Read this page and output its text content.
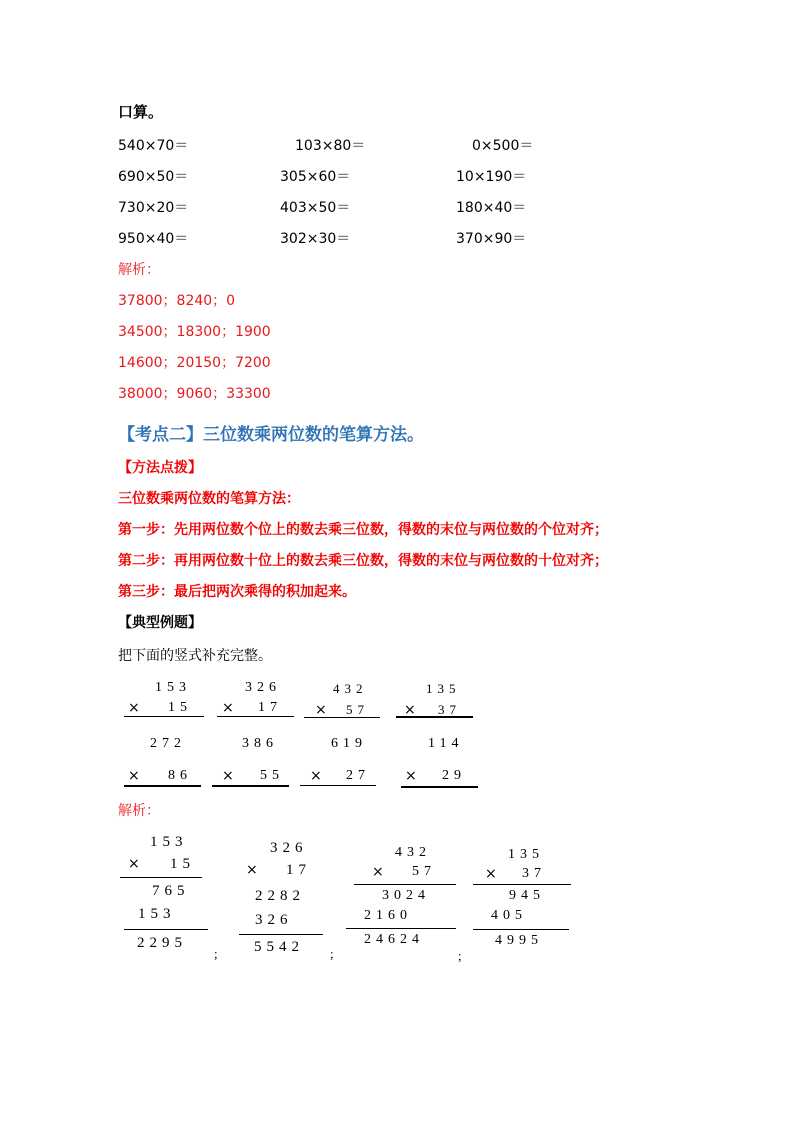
口算。
540×70＝	103×80＝	0×500＝
690×50＝	305×60＝	10×190＝
730×20＝	403×50＝	180×40＝
950×40＝	302×30＝	370×90＝
解析：
37800；8240；0
34500；18300；1900
14600；20150；7200
38000；9060；33300
【考点二】三位数乘两位数的笔算方法。
【方法点拨】
三位数乘两位数的笔算方法：
第一步：先用两位数个位上的数去乘三位数，得数的末位与两位数的个位对齐；
第二步：再用两位数十位上的数去乘三位数，得数的末位与两位数的十位对齐；
第三步：最后把两次乘得的积加起来。
【典型例题】
把下面的竖式补充完整。
153
× 15
326
× 17
432
× 57
135
× 37
272
× 86
386
× 55
619
× 27
114
× 29
解析：
153
× 15
765
153
2295
;
326
× 17
2282
326
5542 ;
432
× 57
3024
2160
24624
;
135
× 37
945
405
4995
